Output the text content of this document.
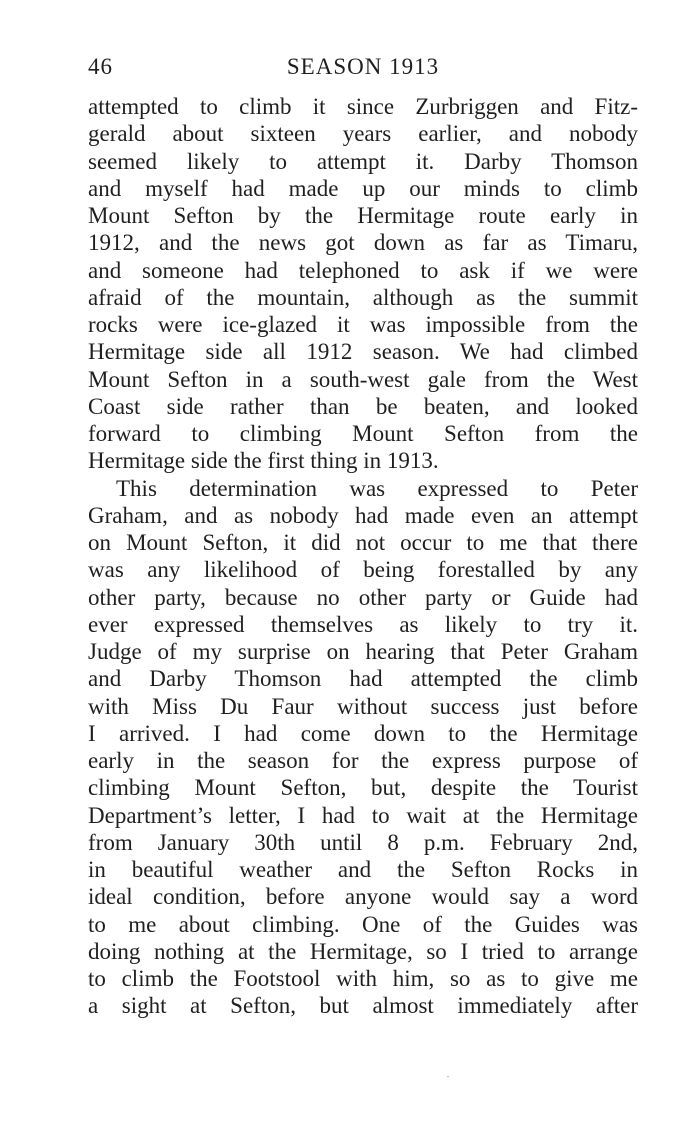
46	SEASON 1913
attempted to climb it since Zurbriggen and Fitz-
gerald about sixteen years earlier, and nobody
seemed likely to attempt it. Darby Thomson
and myself had made up our minds to climb
Mount Sefton by the Hermitage route early in
1912, and the news got down as far as Timaru,
and someone had telephoned to ask if we were
afraid of the mountain, although as the summit
rocks were ice-glazed it was impossible from the
Hermitage side all 1912 season. We had climbed
Mount Sefton in a south-west gale from the West
Coast side rather than be beaten, and looked
forward to climbing Mount Sefton from the
Hermitage side the first thing in 1913.
This determination was expressed to Peter
Graham, and as nobody had made even an attempt
on Mount Sefton, it did not occur to me that there
was any likelihood of being forestalled by any
other party, because no other party or Guide had
ever expressed themselves as likely to try it.
Judge of my surprise on hearing that Peter Graham
and Darby Thomson had attempted the climb
with Miss Du Faur without success just before
I arrived. I had come down to the Hermitage
early in the season for the express purpose of
climbing Mount Sefton, but, despite the Tourist
Department’s letter, I had to wait at the Hermitage
from January 30th until 8 p.m. February 2nd,
in beautiful weather and the Sefton Rocks in
ideal condition, before anyone would say a word
to me about climbing. One of the Guides was
doing nothing at the Hermitage, so I tried to arrange
to climb the Footstool with him, so as to give me
a sight at Sefton, but almost immediately after
